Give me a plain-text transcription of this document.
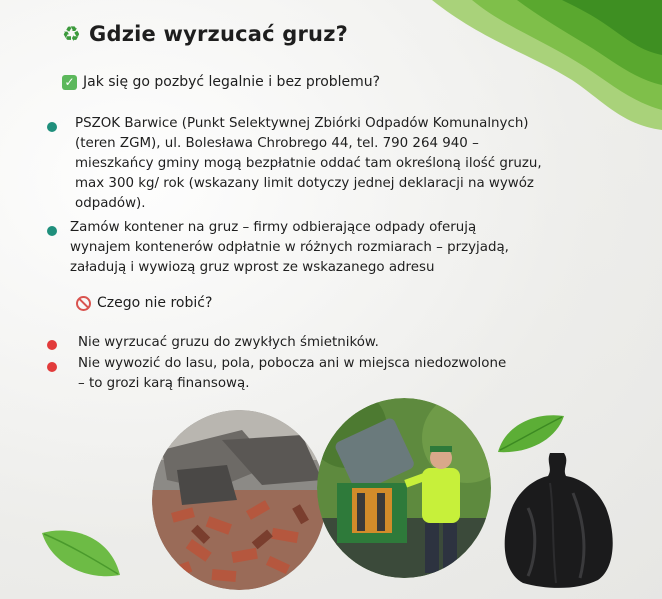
♻ Gdzie wyrzucać gruz?
✓ Jak się go pozbyć legalnie i bez problemu?

PSZOK Barwice (Punkt Selektywnej Zbiórki Odpadów Komunalnych)
(teren ZGM), ul. Bolesława Chrobrego 44, tel. 790 264 940 –
mieszkańcy gminy mogą bezpłatnie oddać tam określoną ilość gruzu,
max 300 kg/ rok (wskazany limit dotyczy jednej deklaracji na wywóz
odpadów).

Zamów kontener na gruz – firmy odbierające odpady oferują
wynajem kontenerów odpłatnie w różnych rozmiarach – przyjadą,
załadują i wywiozą gruz wprost ze wskazanego adresu

Czego nie robić?

Nie wyrzucać gruzu do zwykłych śmietników.

Nie wywozić do lasu, pola, pobocza ani w miejsca niedozwolone
– to grozi karą finansową.
